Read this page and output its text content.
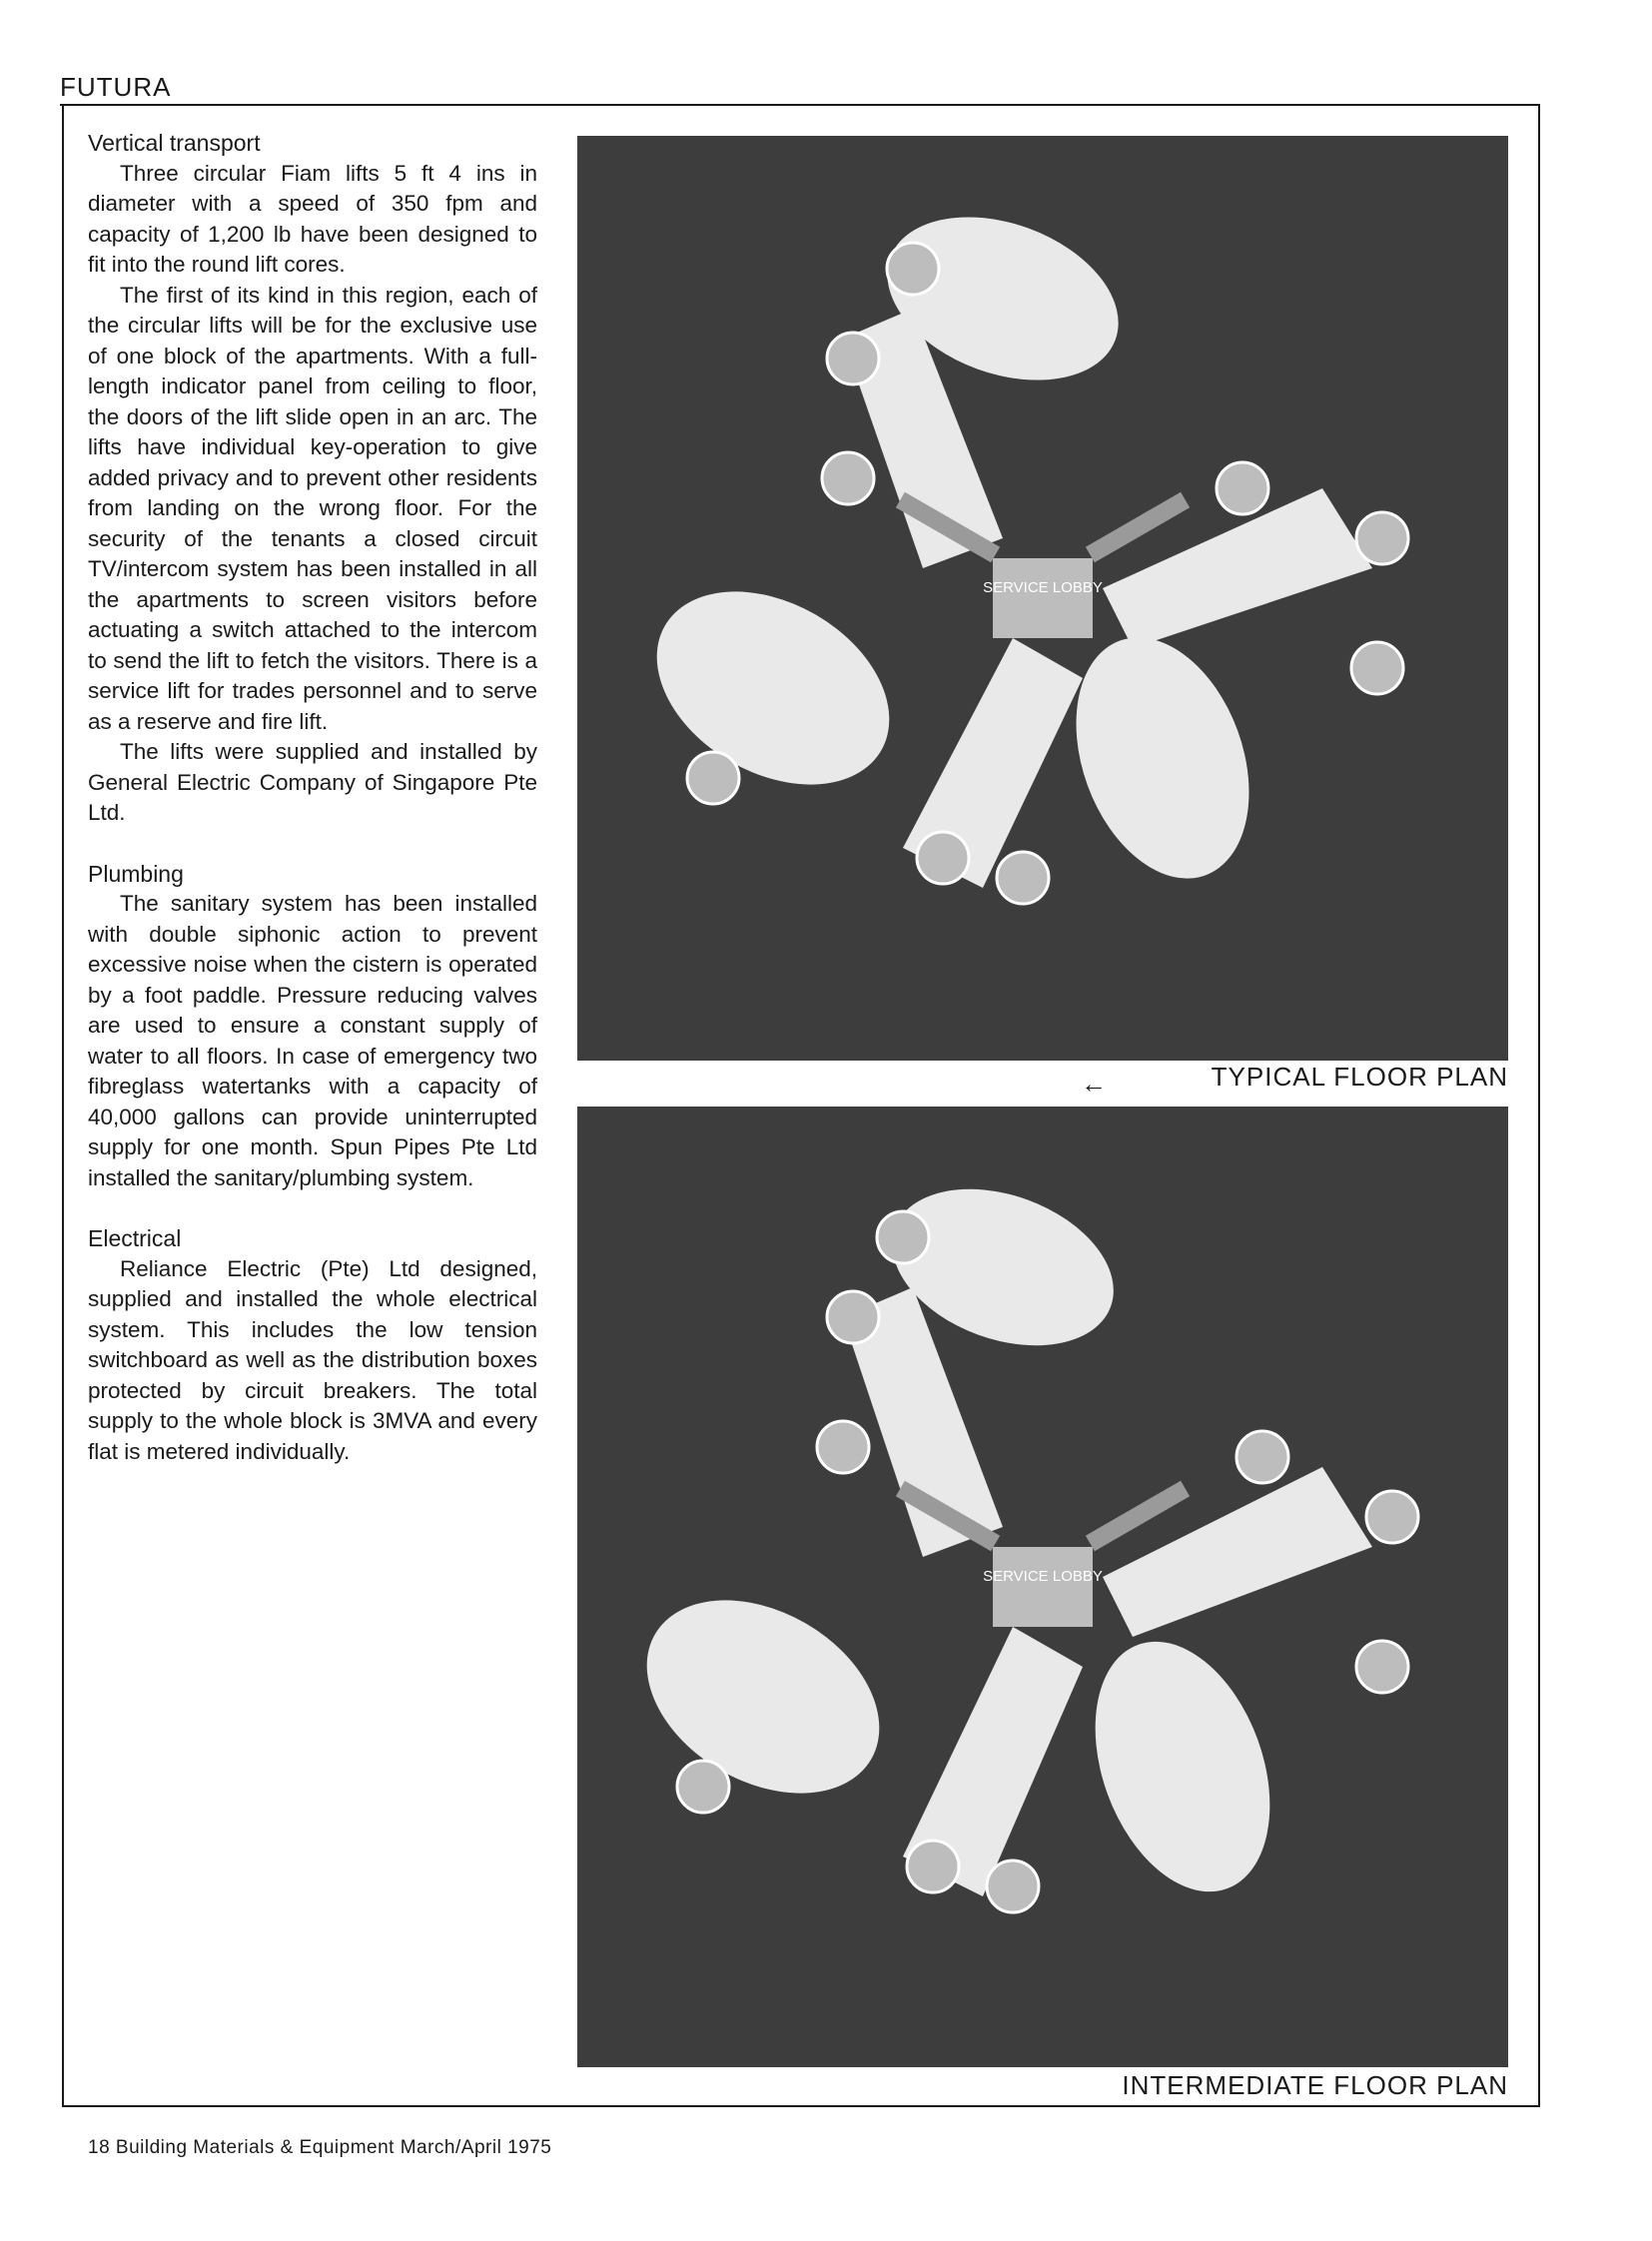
FUTURA
Vertical transport

Three circular Fiam lifts 5 ft 4 ins in diameter with a speed of 350 fpm and capacity of 1,200 lb have been designed to fit into the round lift cores.

The first of its kind in this region, each of the circular lifts will be for the exclusive use of one block of the apartments. With a full-length indicator panel from ceiling to floor, the doors of the lift slide open in an arc. The lifts have individual key-operation to give added privacy and to prevent other residents from landing on the wrong floor. For the security of the tenants a closed circuit TV/intercom system has been installed in all the apartments to screen visitors before actuating a switch attached to the intercom to send the lift to fetch the visitors. There is a service lift for trades personnel and to serve as a reserve and fire lift.

The lifts were supplied and installed by General Electric Company of Singapore Pte Ltd.

Plumbing

The sanitary system has been installed with double siphonic action to prevent excessive noise when the cistern is operated by a foot paddle. Pressure reducing valves are used to ensure a constant supply of water to all floors. In case of emergency two fibreglass watertanks with a capacity of 40,000 gallons can provide uninterrupted supply for one month. Spun Pipes Pte Ltd installed the sanitary/plumbing system.

Electrical

Reliance Electric (Pte) Ltd designed, supplied and installed the whole electrical system. This includes the low tension switchboard as well as the distribution boxes protected by circuit breakers. The total supply to the whole block is 3MVA and every flat is metered individually.

SERVICE LOBBY
←	TYPICAL FLOOR PLAN
SERVICE LOBBY
INTERMEDIATE FLOOR PLAN
18 Building Materials & Equipment March/April 1975
